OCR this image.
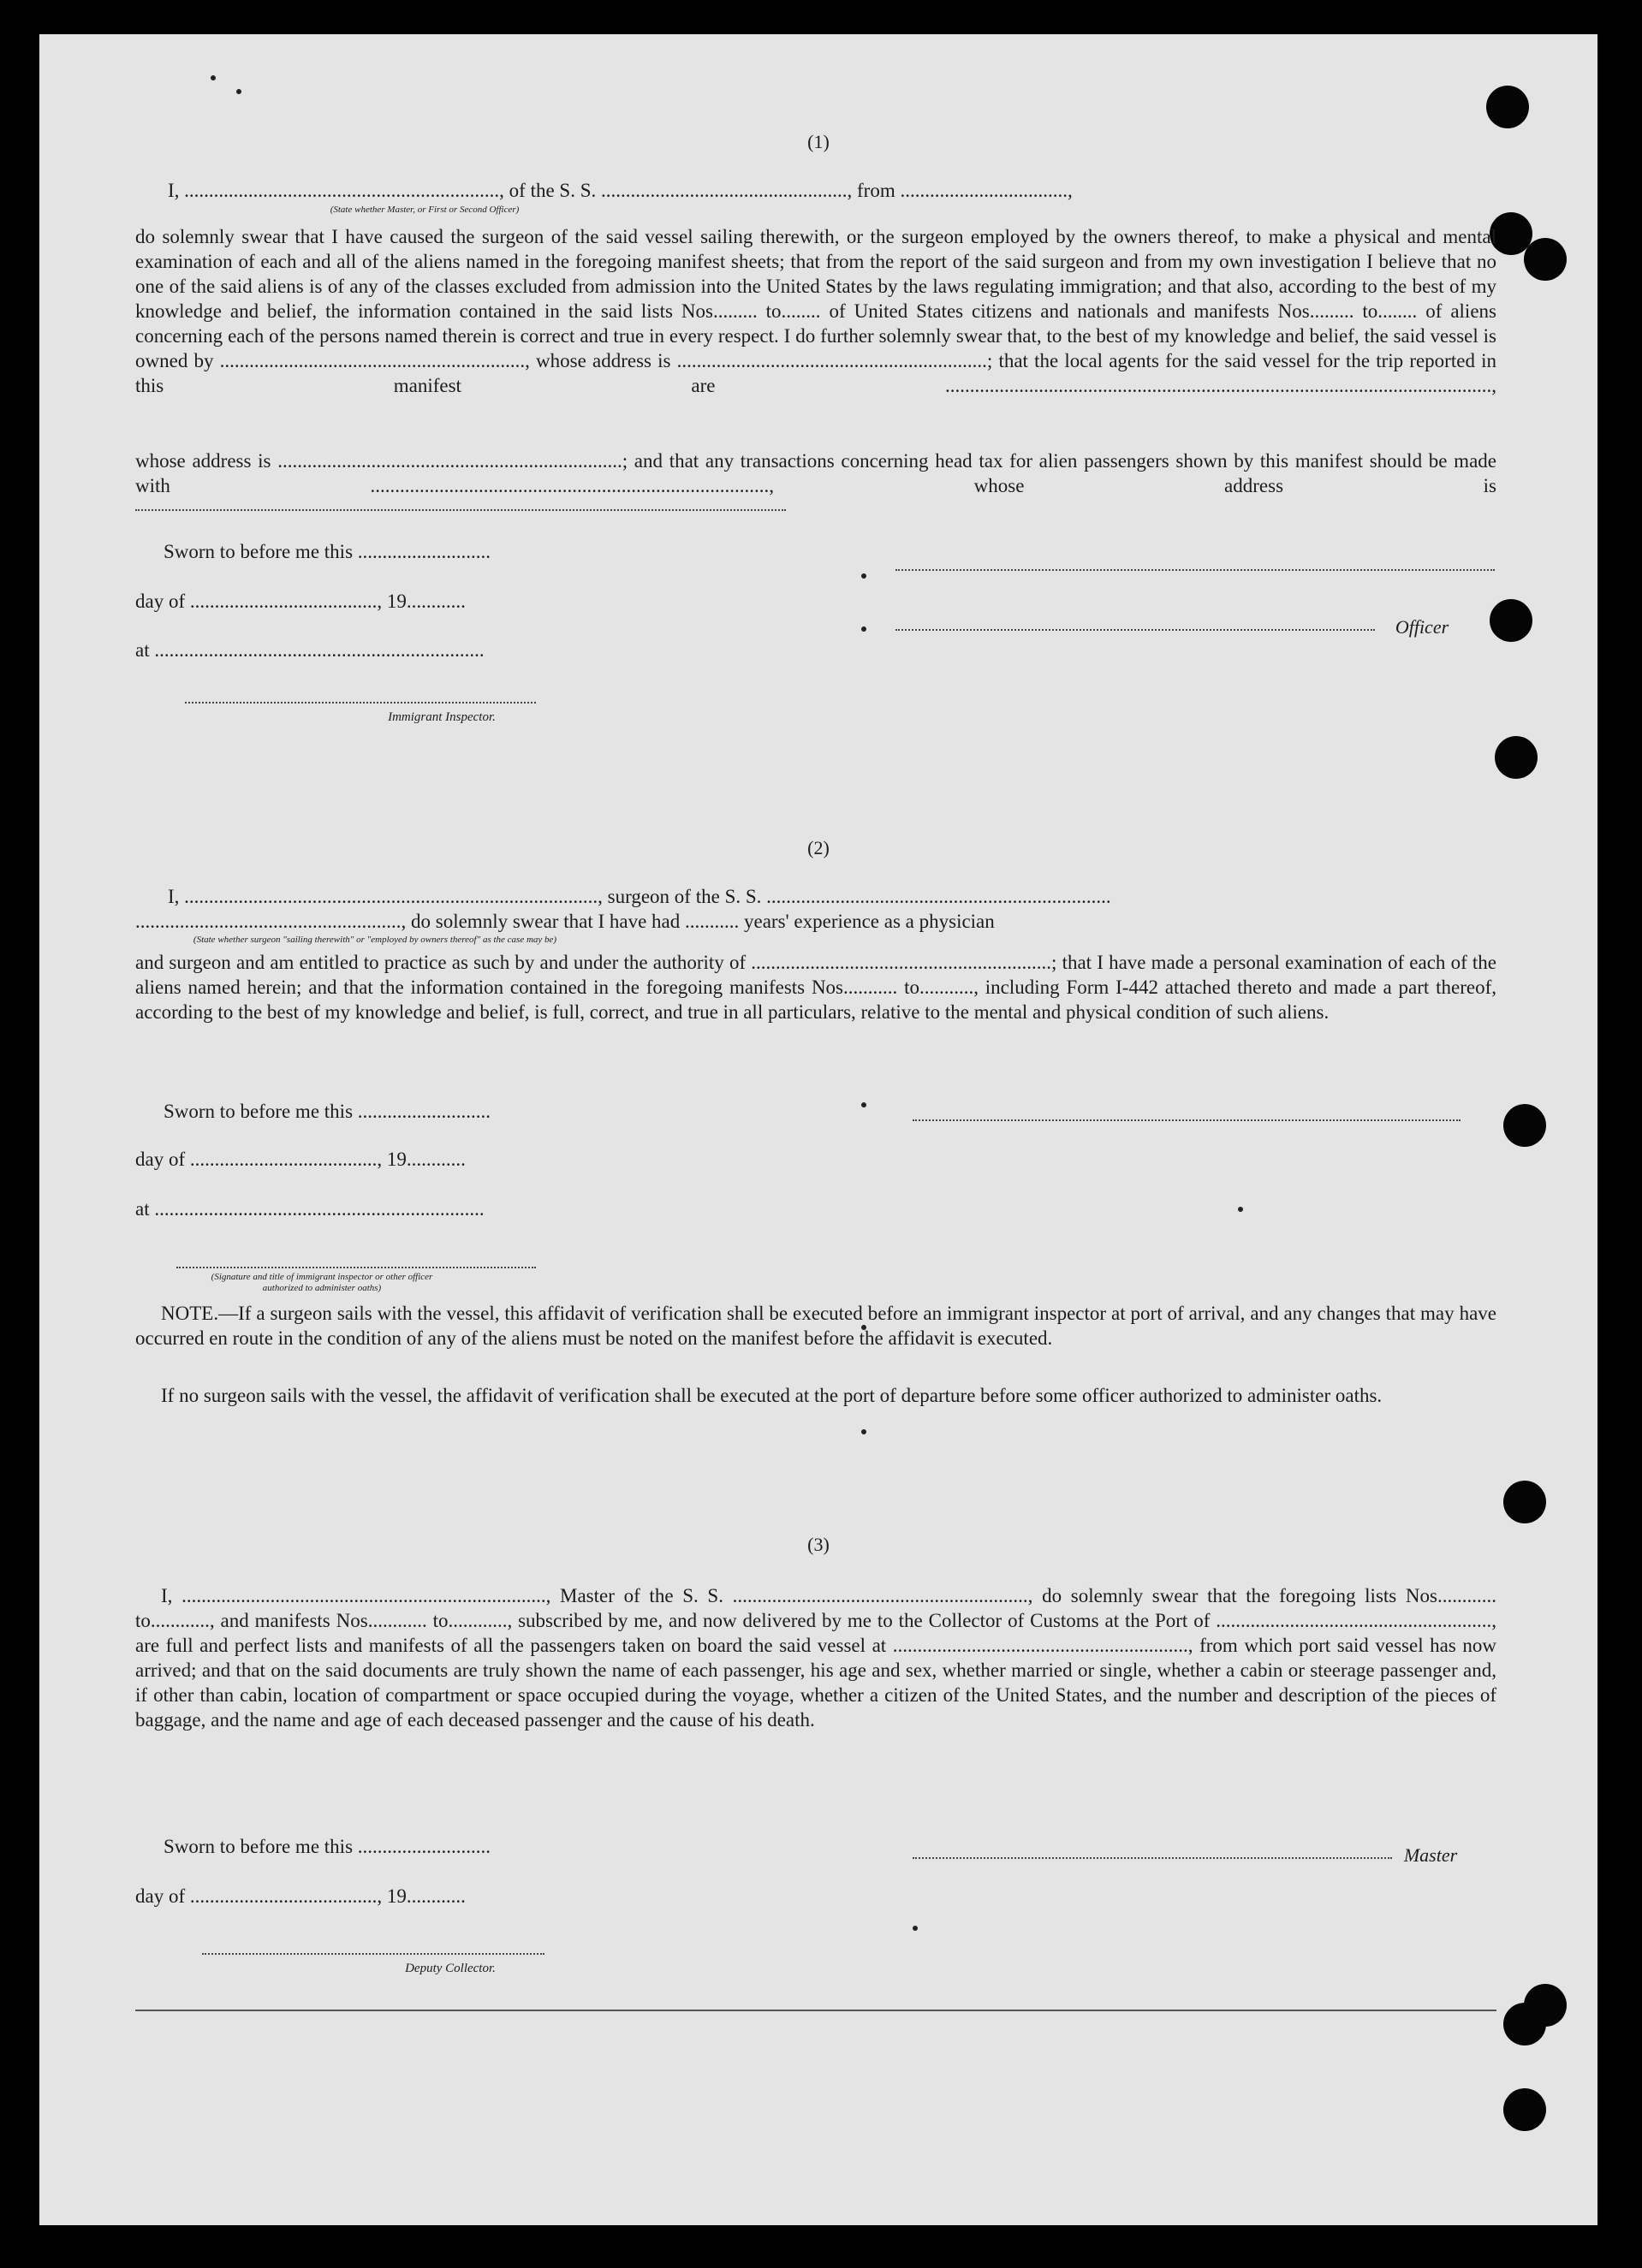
(1)
I, ................................................................, of the S. S. .................................................., from ..................................,
(State whether Master, or First or Second Officer)
do solemnly swear that I have caused the surgeon of the said vessel sailing therewith, or the surgeon employed by the owners thereof, to make a physical and mental examination of each and all of the aliens named in the foregoing manifest sheets; that from the report of the said surgeon and from my own investigation I believe that no one of the said aliens is of any of the classes excluded from admission into the United States by the laws regulating immigration; and that also, according to the best of my knowledge and belief, the information contained in the said lists Nos......... to........ of United States citizens and nationals and manifests Nos......... to........ of aliens concerning each of the persons named therein is correct and true in every respect. I do further solemnly swear that, to the best of my knowledge and belief, the said vessel is owned by .............................................................., whose address is ...............................................................; that the local agents for the said vessel for the trip reported in this manifest are ...............................................................................................................,
whose address is ......................................................................; and that any transactions concerning head tax for alien passengers shown by this manifest should be made with ................................................................................., whose address is
Sworn to before me this ...........................
day of ......................................, 19............
at ...................................................................
Immigrant Inspector.
Officer
(2)
I, ...................................................................................., surgeon of the S. S. ......................................................................
......................................................, do solemnly swear that I have had ........... years' experience as a physician
(State whether surgeon "sailing therewith" or "employed by owners thereof" as the case may be)
and surgeon and am entitled to practice as such by and under the authority of .............................................................; that I have made a personal examination of each of the aliens named herein; and that the information contained in the foregoing manifests Nos........... to..........., including Form I-442 attached thereto and made a part thereof, according to the best of my knowledge and belief, is full, correct, and true in all particulars, relative to the mental and physical condition of such aliens.
Sworn to before me this ...........................
day of ......................................, 19............
at ...................................................................
(Signature and title of immigrant inspector or other officer authorized to administer oaths)
NOTE.—If a surgeon sails with the vessel, this affidavit of verification shall be executed before an immigrant inspector at port of arrival, and any changes that may have occurred en route in the condition of any of the aliens must be noted on the manifest before the affidavit is executed.
If no surgeon sails with the vessel, the affidavit of verification shall be executed at the port of departure before some officer authorized to administer oaths.
(3)
I, .........................................................................., Master of the S. S. ............................................................, do solemnly swear that the foregoing lists Nos............ to............, and manifests Nos............ to............, subscribed by me, and now delivered by me to the Collector of Customs at the Port of ........................................................, are full and perfect lists and manifests of all the passengers taken on board the said vessel at ............................................................, from which port said vessel has now arrived; and that on the said documents are truly shown the name of each passenger, his age and sex, whether married or single, whether a cabin or steerage passenger and, if other than cabin, location of compartment or space occupied during the voyage, whether a citizen of the United States, and the number and description of the pieces of baggage, and the name and age of each deceased passenger and the cause of his death.
Sworn to before me this ...........................	Master
day of ......................................, 19............
Deputy Collector.
